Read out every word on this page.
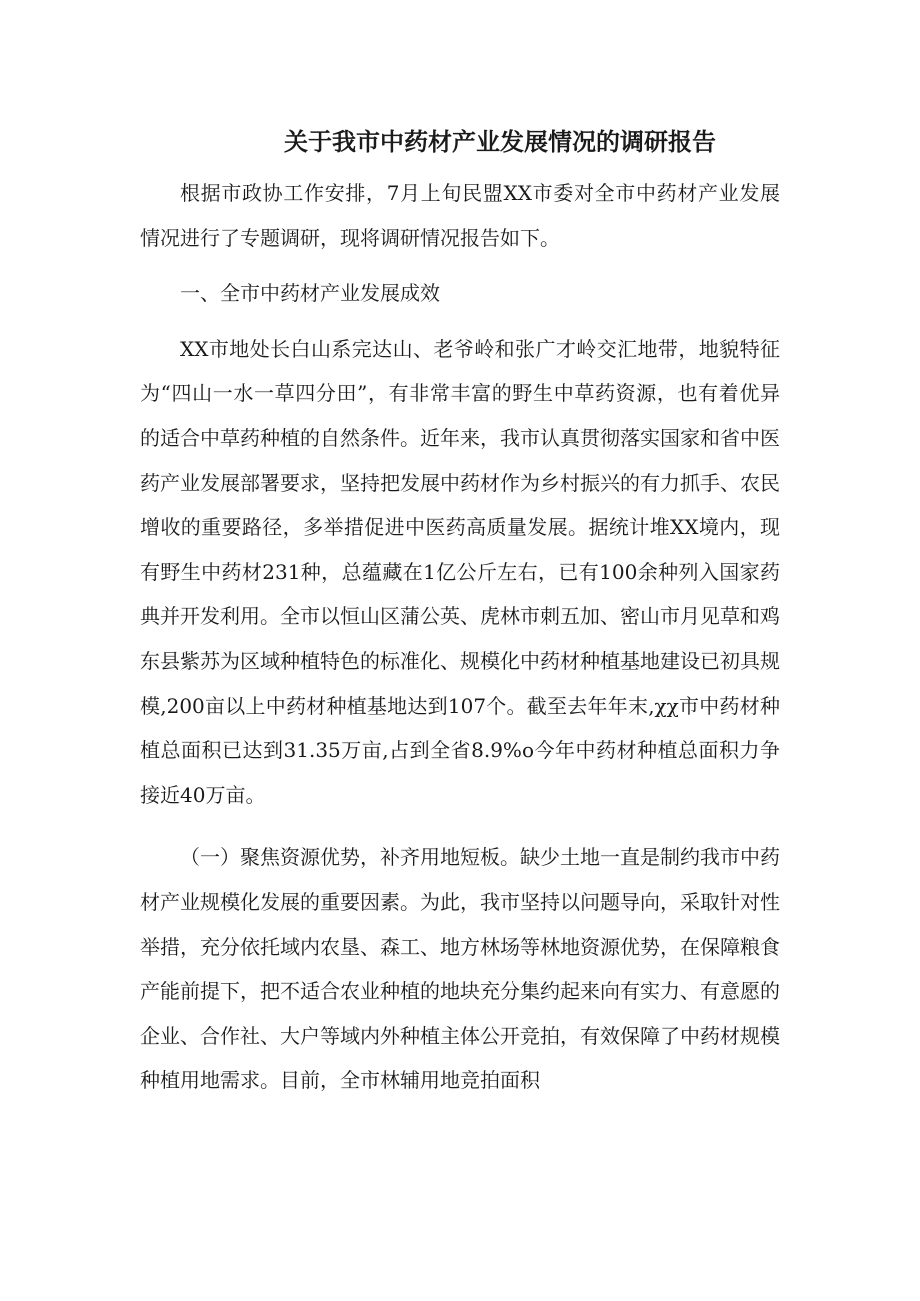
关于我市中药材产业发展情况的调研报告

根据市政协工作安排，7月上旬民盟XX市委对全市中药材产业发展情况进行了专题调研，现将调研情况报告如下。

一、全市中药材产业发展成效

XX市地处长白山系完达山、老爷岭和张广才岭交汇地带，地貌特征为“四山一水一草四分田”，有非常丰富的野生中草药资源，也有着优异的适合中草药种植的自然条件。近年来，我市认真贯彻落实国家和省中医药产业发展部署要求，坚持把发展中药材作为乡村振兴的有力抓手、农民增收的重要路径，多举措促进中医药高质量发展。据统计堆XX境内，现有野生中药材231种，总蕴藏在1亿公斤左右，已有100余种列入国家药典并开发利用。全市以恒山区蒲公英、虎林市刺五加、密山市月见草和鸡东县紫苏为区域种植特色的标准化、规模化中药材种植基地建设已初具规模,200亩以上中药材种植基地达到107个。截至去年年末,χχ市中药材种植总面积已达到31.35万亩,占到全省8.9%o今年中药材种植总面积力争接近40万亩。

（一）聚焦资源优势，补齐用地短板。缺少土地一直是制约我市中药材产业规模化发展的重要因素。为此，我市坚持以问题导向，采取针对性举措，充分依托域内农垦、森工、地方林场等林地资源优势，在保障粮食产能前提下，把不适合农业种植的地块充分集约起来向有实力、有意愿的企业、合作社、大户等域内外种植主体公开竞拍，有效保障了中药材规模种植用地需求。目前，全市林辅用地竞拍面积
